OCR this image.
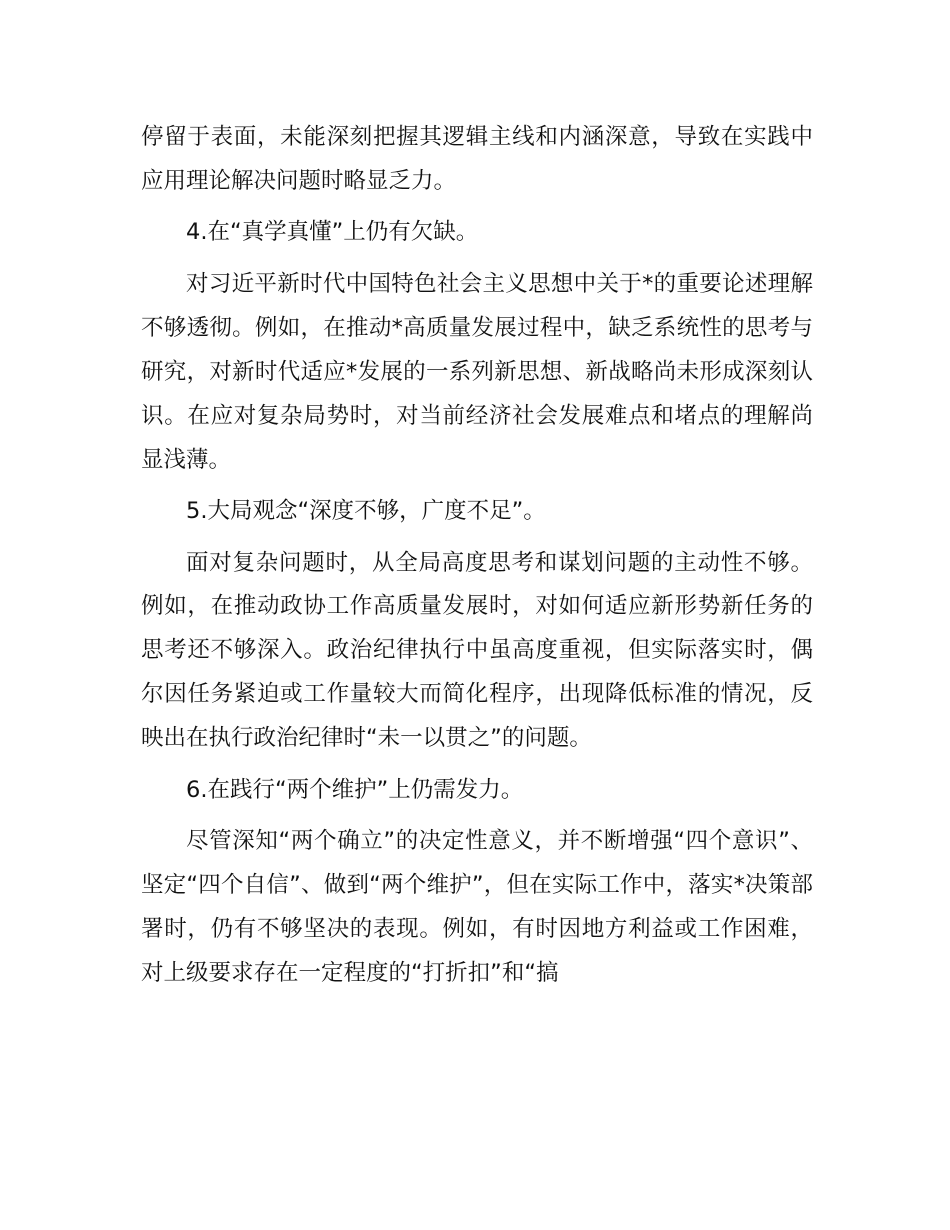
停留于表面，未能深刻把握其逻辑主线和内涵深意，导致在实践中应用理论解决问题时略显乏力。

4.在“真学真懂”上仍有欠缺。

对习近平新时代中国特色社会主义思想中关于*的重要论述理解不够透彻。例如，在推动*高质量发展过程中，缺乏系统性的思考与研究，对新时代适应*发展的一系列新思想、新战略尚未形成深刻认识。在应对复杂局势时，对当前经济社会发展难点和堵点的理解尚显浅薄。

5.大局观念“深度不够，广度不足”。

面对复杂问题时，从全局高度思考和谋划问题的主动性不够。例如，在推动政协工作高质量发展时，对如何适应新形势新任务的思考还不够深入。政治纪律执行中虽高度重视，但实际落实时，偶尔因任务紧迫或工作量较大而简化程序，出现降低标准的情况，反映出在执行政治纪律时“未一以贯之”的问题。

6.在践行“两个维护”上仍需发力。

尽管深知“两个确立”的决定性意义，并不断增强“四个意识”、坚定“四个自信”、做到“两个维护”，但在实际工作中，落实*决策部署时，仍有不够坚决的表现。例如，有时因地方利益或工作困难，对上级要求存在一定程度的“打折扣”和“搞
